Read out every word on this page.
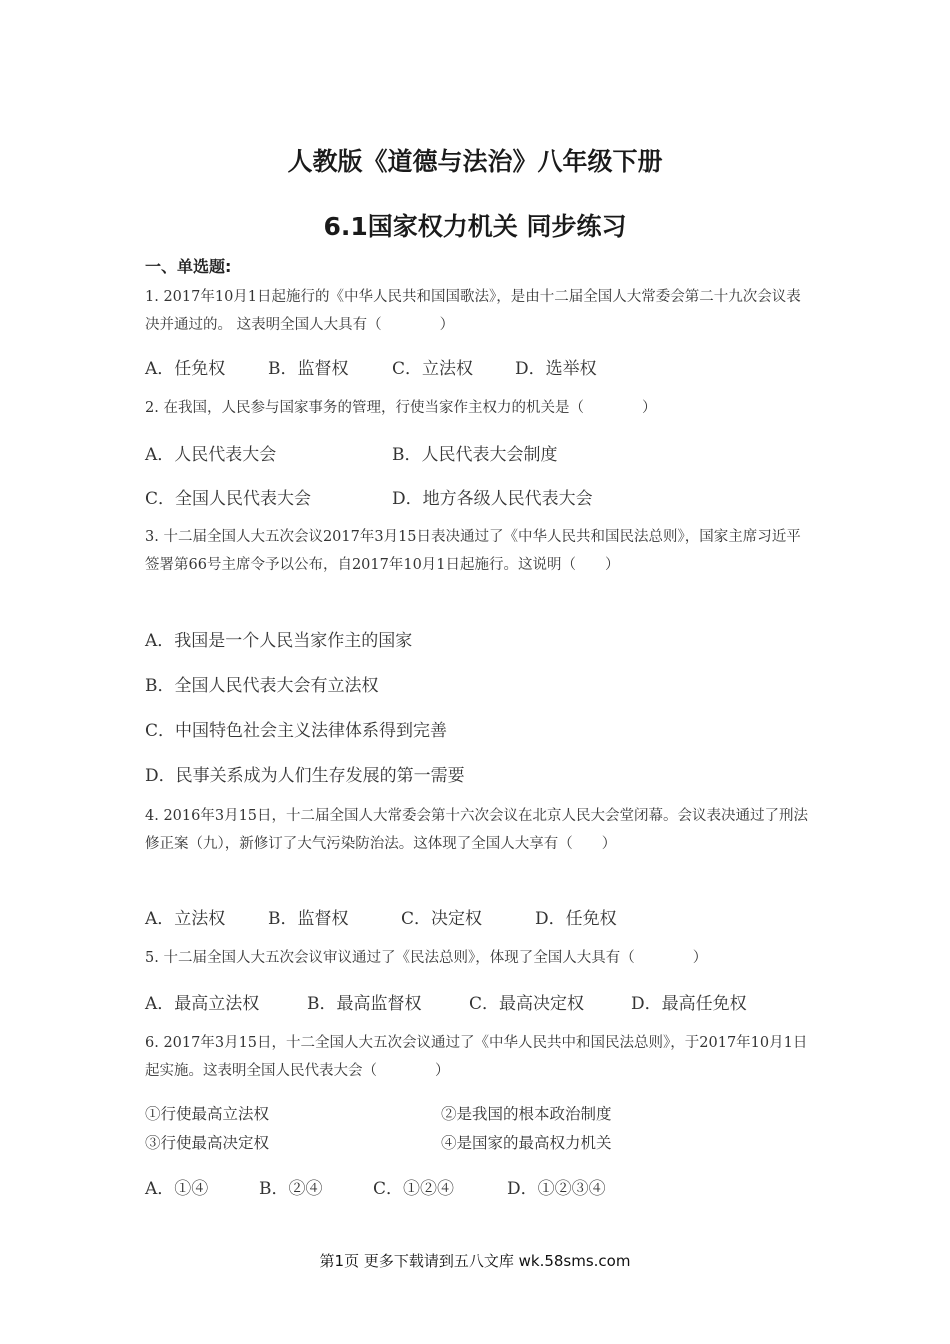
人教版《道德与法治》八年级下册
6.1国家权力机关 同步练习

一、单选题:

1. 2017年10月1日起施行的《中华人民共和国国歌法》，是由十二届全国人大常委会第二十九次会议表决并通过的。 这表明全国人大具有（　　　　）

A．任免权	B．监督权	C．立法权 D．选举权

2. 在我国，人民参与国家事务的管理，行使当家作主权力的机关是（　　　　）

A．人民代表大会	B．人民代表大会制度
C．全国人民代表大会	D．地方各级人民代表大会

3. 十二届全国人大五次会议2017年3月15日表决通过了《中华人民共和国民法总则》，国家主席习近平签署第66号主席令予以公布，自2017年10月1日起施行。这说明（　　）

A．我国是一个人民当家作主的国家
B．全国人民代表大会有立法权
C．中国特色社会主义法律体系得到完善
D．民事关系成为人们生存发展的第一需要

4. 2016年3月15日，十二届全国人大常委会第十六次会议在北京人民大会堂闭幕。会议表决通过了刑法修正案（九），新修订了大气污染防治法。这体现了全国人大享有（　　）

A．立法权	B．监督权	C．决定权	D．任免权

5. 十二届全国人大五次会议审议通过了《民法总则》，体现了全国人大具有（　　　　）

A．最高立法权	B．最高监督权	C．最高决定权	D．最高任免权

6. 2017年3月15日，十二全国人大五次会议通过了《中华人民共中和国民法总则》，于2017年10月1日起实施。这表明全国人民代表大会（　　　　）

①行使最高立法权	②是我国的根本政治制度
③行使最高决定权	④是国家的最高权力机关
A．①④	B．②④	C．①②④	D．①②③④
第1页 更多下载请到五八文库 wk.58sms.com
